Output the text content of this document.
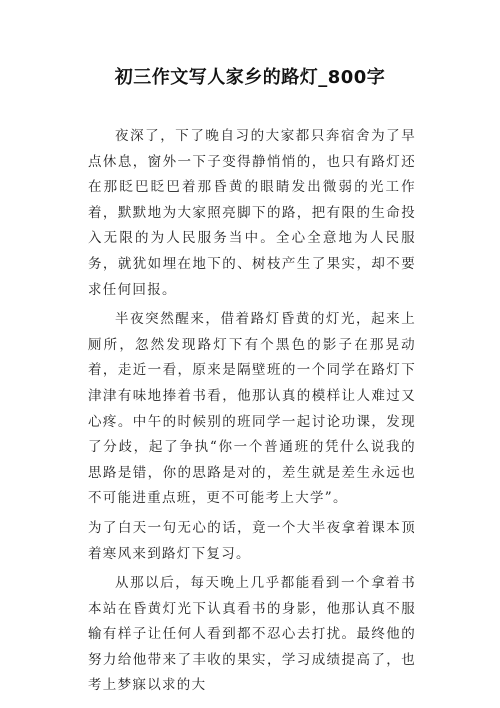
初三作文写人家乡的路灯_800字

夜深了，下了晚自习的大家都只奔宿舍为了早点休息，窗外一下子变得静悄悄的，也只有路灯还在那眨巴眨巴着那昏黄的眼睛发出微弱的光工作着，默默地为大家照亮脚下的路，把有限的生命投入无限的为人民服务当中。全心全意地为人民服务，就犹如埋在地下的、树枝产生了果实，却不要求任何回报。

半夜突然醒来，借着路灯昏黄的灯光，起来上厕所，忽然发现路灯下有个黑色的影子在那晃动着，走近一看，原来是隔壁班的一个同学在路灯下津津有味地捧着书看，他那认真的模样让人难过又心疼。中午的时候别的班同学一起讨论功课，发现了分歧，起了争执“你一个普通班的凭什么说我的思路是错，你的思路是对的，差生就是差生永远也不可能进重点班，更不可能考上大学”。

为了白天一句无心的话，竟一个大半夜拿着课本顶着寒风来到路灯下复习。

从那以后，每天晚上几乎都能看到一个拿着书本站在昏黄灯光下认真看书的身影，他那认真不服输有样子让任何人看到都不忍心去打扰。最终他的努力给他带来了丰收的果实，学习成绩提高了，也考上梦寐以求的大
